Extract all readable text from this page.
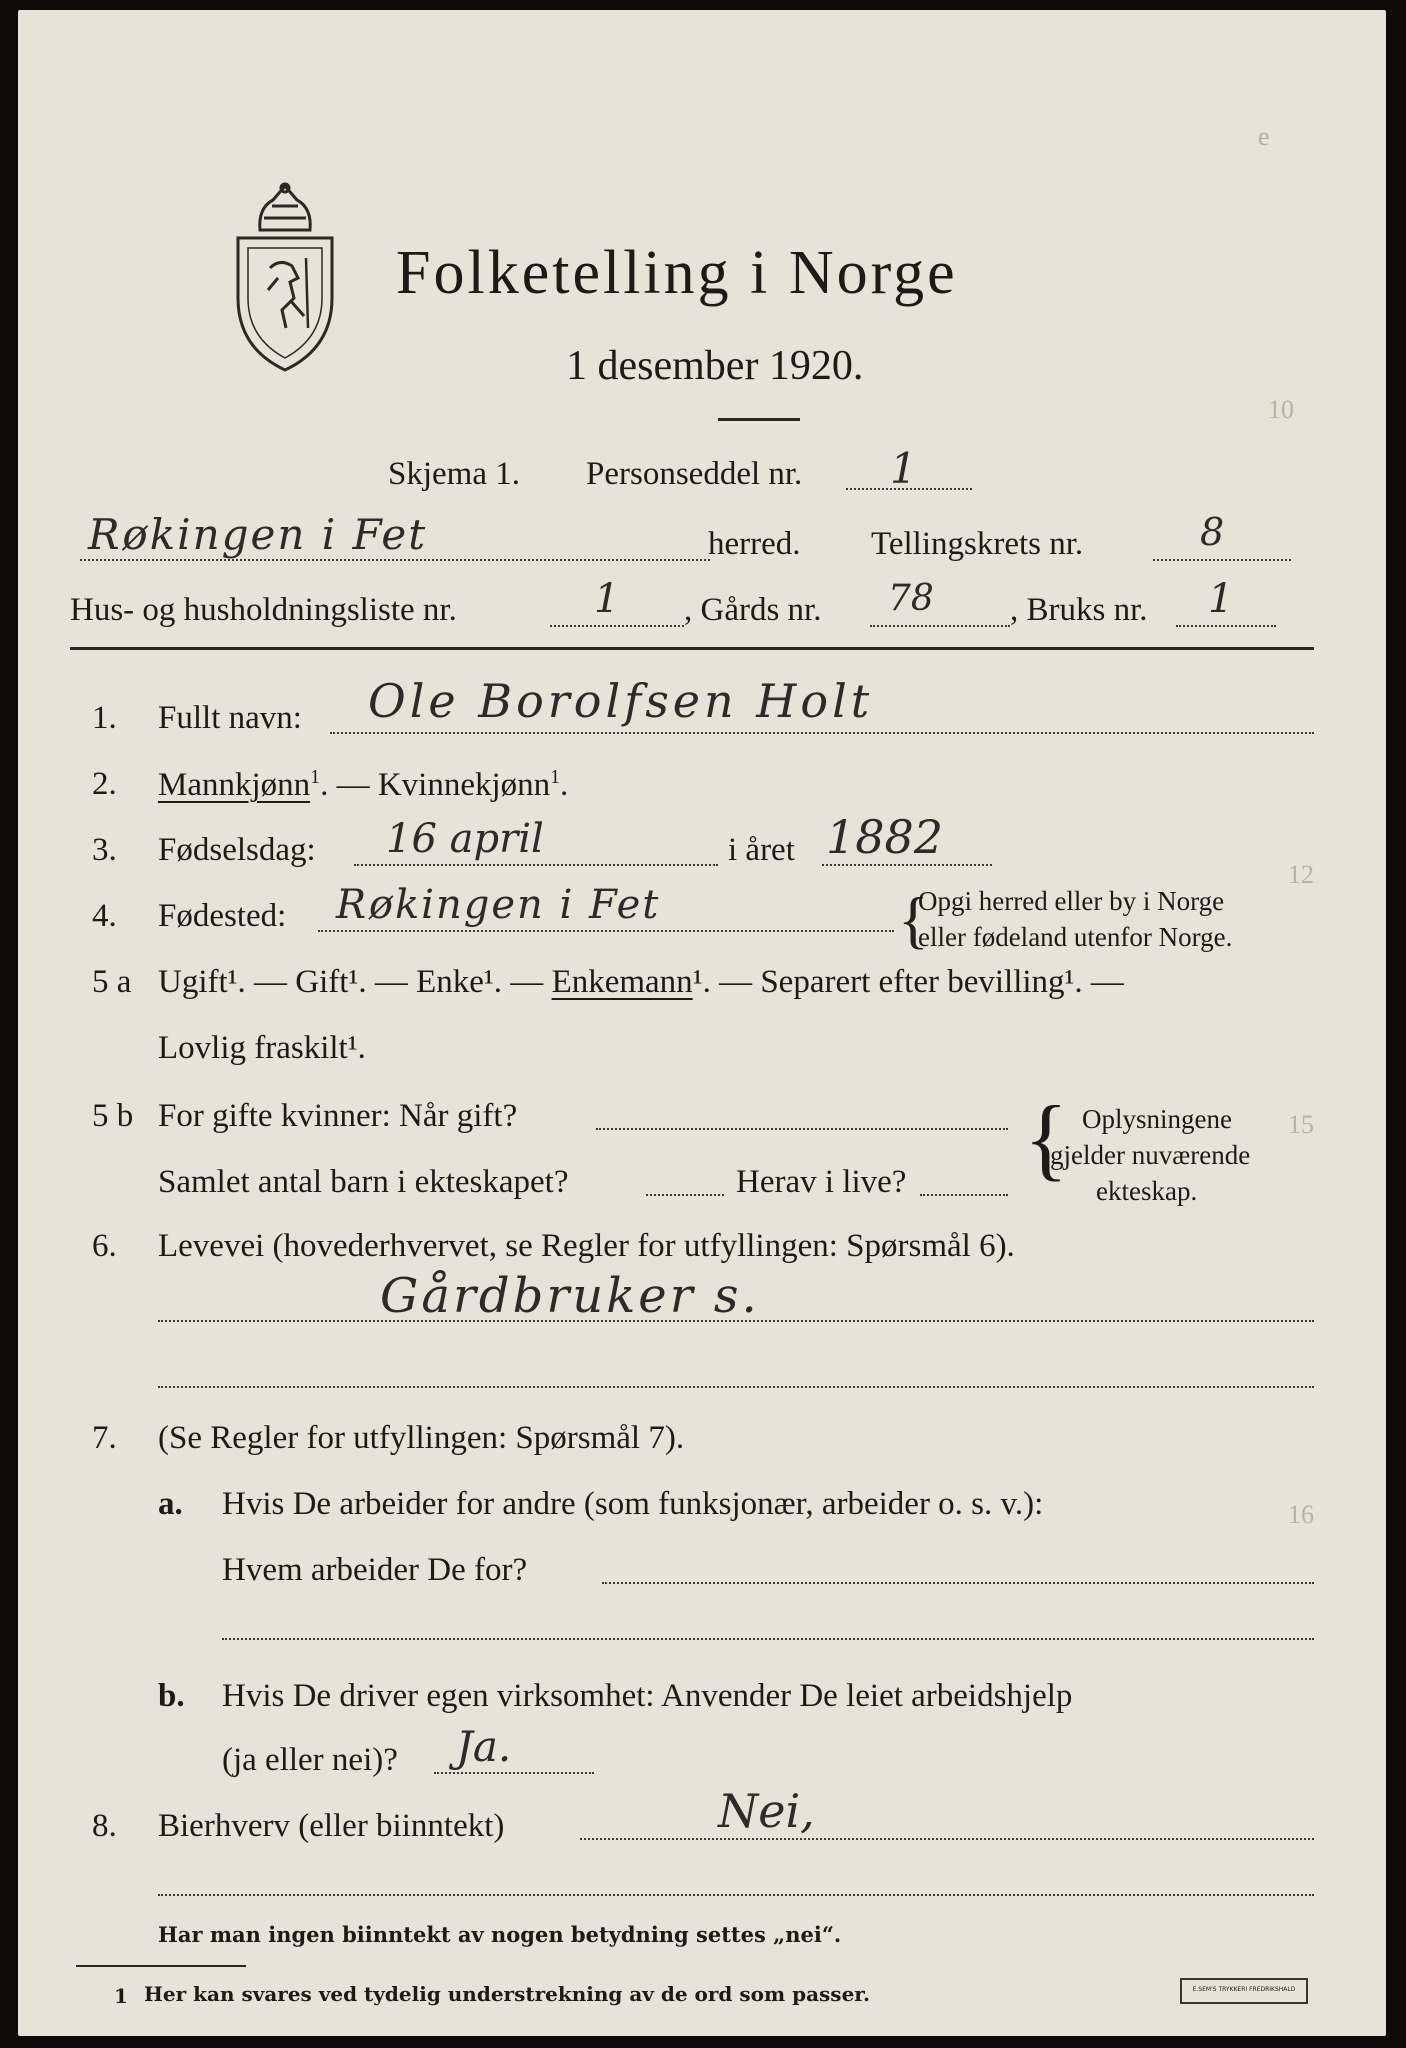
e
10
12
15
16
Folketelling i Norge
1 desember 1920.
Skjema 1. Personseddel nr. 1
Røkingen i Fet	herred. Tellingskrets nr.	8
Hus- og husholdningsliste nr.	1 , Gårds nr. 78 , Bruks nr. 1
1. Fullt navn: Ole Borolfsen Holt
2. Mannkjønn$^1$. — Kvinnekjønn$^1$.
3. Fødselsdag: 16 april	i året 1882
4. Fødested: Røkingen i Fet	{
Opgi herred eller by i Norge
eller fødeland utenfor Norge.
5 a Ugift¹. — Gift¹. — Enke¹. — Enkemann¹. — Separert efter bevilling¹. —
Lovlig fraskilt¹.
5 b For gifte kvinner: Når gift?
Samlet antal barn i ekteskapet?	Herav i live? { Oplysningene
gjelder nuværende
ekteskap.
6. Levevei (hovederhvervet, se Regler for utfyllingen: Spørsmål 6).
Gårdbruker s.
7. (Se Regler for utfyllingen: Spørsmål 7).
a. Hvis De arbeider for andre (som funksjonær, arbeider o. s. v.):
Hvem arbeider De for?
b. Hvis De driver egen virksomhet: Anvender De leiet arbeidshjelp
(ja eller nei)? Ja.
8. Bierhverv (eller biinntekt)	Nei,
Har man ingen biinntekt av nogen betydning settes „nei“.
1 Her kan svares ved tydelig understrekning av de ord som passer.	E.SEM'S TRYKKERI FREDRIKSHALD
